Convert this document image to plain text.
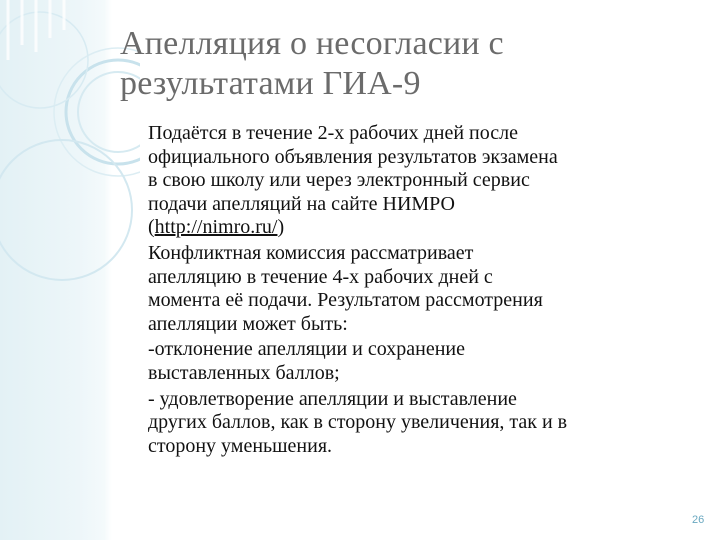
Апелляция о несогласии с
результатами ГИА-9
Подаётся в течение 2-х рабочих дней после
официального объявления результатов экзамена
в свою школу или через электронный сервис
подачи апелляций на сайте НИМРО
(http://nimro.ru/)
Конфликтная комиссия рассматривает
апелляцию в течение 4-х рабочих дней с
момента её подачи. Результатом рассмотрения
апелляции может быть:
-отклонение апелляции и сохранение
выставленных баллов;
- удовлетворение апелляции и выставление
других баллов, как в сторону увеличения, так и в
сторону уменьшения.
26
